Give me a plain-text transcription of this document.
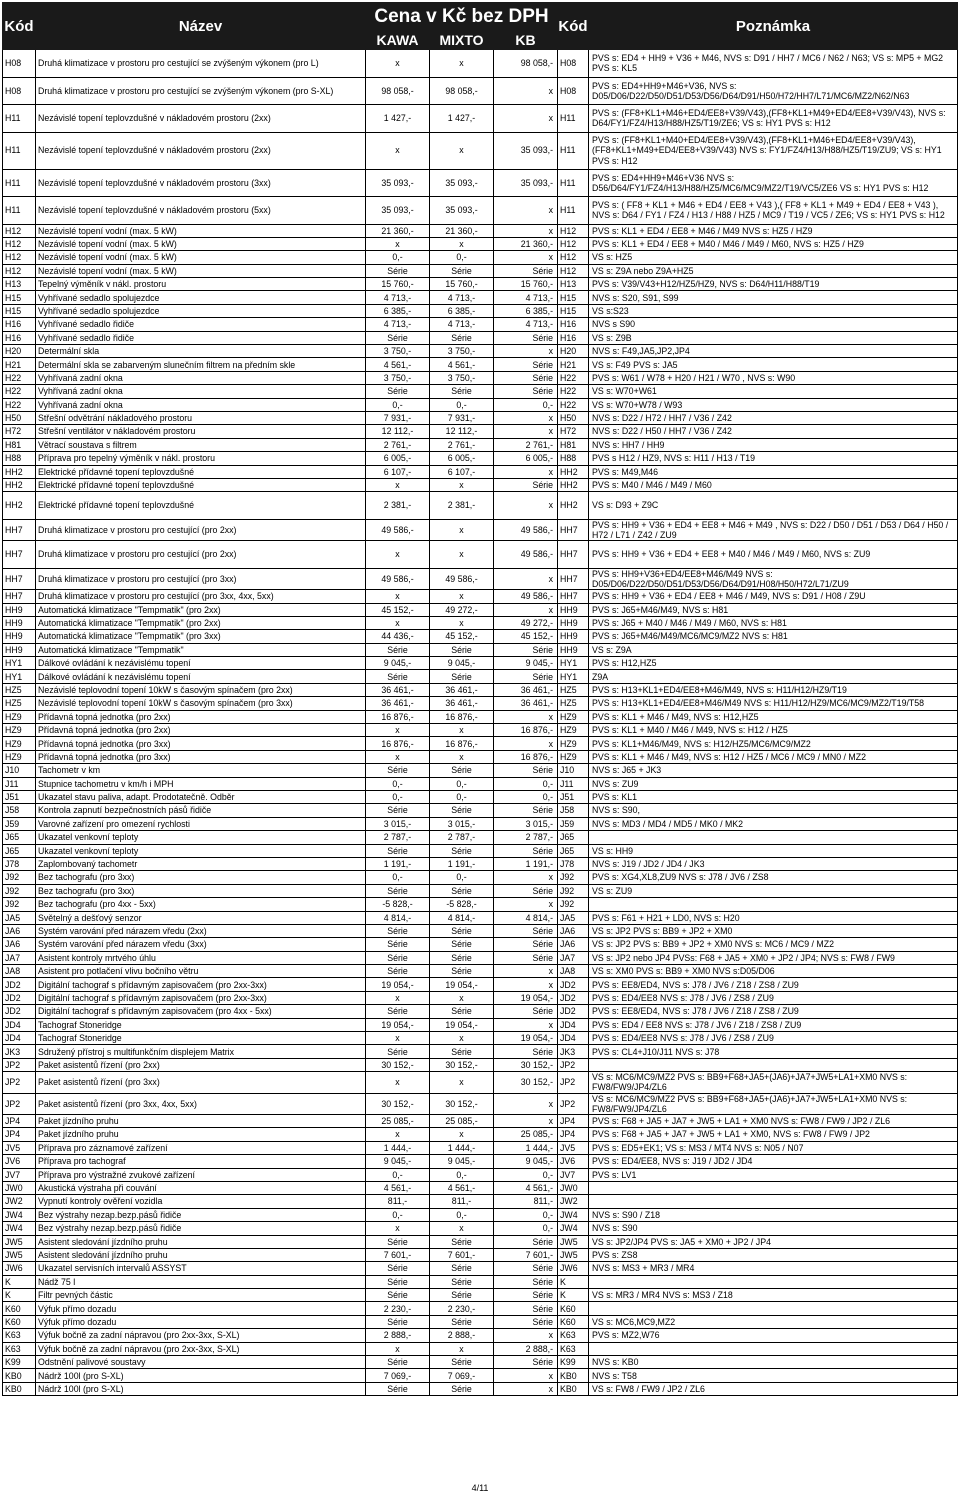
Kód	Název	Cena v Kč bez DPH			Kód	Poznámka
		KAWA	MIXTO	KB		
H08	Druhá klimatizace v prostoru pro cestující se zvýšeným výkonem (pro L)	x	x	98 058,-	H08	PVS s: ED4 + HH9 + V36 + M46, NVS s: D91 / HH7 / MC6 / N62 / N63; VS s: MP5 + MG2 PVS s: KL5
H08	Druhá klimatizace v prostoru pro cestující se zvýšeným výkonem (pro S-XL)	98 058,-	98 058,-	x	H08	PVS s: ED4+HH9+M46+V36, NVS s: D05/D06/D22/D50/D51/D53/D56/D64/D91/H50/H72/HH7/L71/MC6/MZ2/N62/N63
H11	Nezávislé topení teplovzdušné v nákladovém prostoru (2xx)	1 427,-	1 427,-	x	H11	PVS s: (FF8+KL1+M46+ED4/EE8+V39/V43),(FF8+KL1+M49+ED4/EE8+V39/V43), NVS s: D64/FY1/FZ4/H13/H88/HZ5/T19/ZE6; VS s: HY1 PVS s: H12
H11	Nezávislé topení teplovzdušné v nákladovém prostoru (2xx)	x	x	35 093,-	H11	PVS s: (FF8+KL1+M40+ED4/EE8+V39/V43),(FF8+KL1+M46+ED4/EE8+V39/V43), (FF8+KL1+M49+ED4/EE8+V39/V43) NVS s: FY1/FZ4/H13/H88/HZ5/T19/ZU9; VS s: HY1 PVS s: H12
H11	Nezávislé topení teplovzdušné v nákladovém prostoru (3xx)	35 093,-	35 093,-	35 093,-	H11	PVS s: ED4+HH9+M46+V36 NVS s: D56/D64/FY1/FZ4/H13/H88/HZ5/MC6/MC9/MZ2/T19/VC5/ZE6 VS s: HY1 PVS s: H12
H11	Nezávislé topení teplovzdušné v nákladovém prostoru (5xx)	35 093,-	35 093,-	x	H11	PVS s: ( FF8 + KL1 + M46 + ED4 / EE8 + V43 ),( FF8 + KL1 + M49 + ED4 / EE8 + V43 ), NVS s: D64 / FY1 / FZ4 / H13 / H88 / HZ5 / MC9 / T19 / VC5 / ZE6; VS s: HY1 PVS s: H12
H12	Nezávislé topení vodní (max. 5 kW)	21 360,-	21 360,-	x	H12	PVS s: KL1 + ED4 / EE8 + M46 / M49 NVS s: HZ5 / HZ9
H12	Nezávislé topení vodní (max. 5 kW)	x	x	21 360,-	H12	PVS s: KL1 + ED4 / EE8 + M40 / M46 / M49 / M60, NVS s: HZ5 / HZ9
H12	Nezávislé topení vodní (max. 5 kW)	0,-	0,-	x	H12	VS s: HZ5
H12	Nezávislé topení vodní (max. 5 kW)	Série	Série	Série	H12	VS s: Z9A nebo Z9A+HZ5
H13	Tepelný výměník v nákl. prostoru	15 760,-	15 760,-	15 760,-	H13	PVS s: V39/V43+H12/HZ5/HZ9, NVS s: D64/H11/H88/T19
H15	Vyhřívané sedadlo spolujezdce	4 713,-	4 713,-	4 713,-	H15	NVS s: S20, S91, S99
H15	Vyhřívané sedadlo spolujezdce	6 385,-	6 385,-	6 385,-	H15	VS s:S23
H16	Vyhřívané sedadlo řidiče	4 713,-	4 713,-	4 713,-	H16	NVS s S90
H16	Vyhřívané sedadlo řidiče	Série	Série	Série	H16	VS s: Z9B
H20	Determální skla	3 750,-	3 750,-	x	H20	NVS s: F49,JA5,JP2,JP4
H21	Determální skla se zabarveným slunečním filtrem na předním skle	4 561,-	4 561,-	Série	H21	VS s: F49 PVS s: JA5
H22	Vyhřívaná zadní okna	3 750,-	3 750,-	Série	H22	PVS s: W61 / W78 + H20 / H21 / W70 , NVS s: W90
H22	Vyhřívaná zadní okna	Série	Série	Série	H22	VS s: W70+W61
H22	Vyhřívaná zadní okna	0,-	0,-	0,-	H22	VS s: W70+W78 / W93
H50	Střešní odvětrání nákladového prostoru	7 931,-	7 931,-	x	H50	NVS s: D22 / H72 / HH7 / V36 / Z42
H72	Střešní ventilátor v nákladovém prostoru	12 112,-	12 112,-	x	H72	NVS s: D22 / H50 / HH7 / V36 / Z42
H81	Větrací soustava s filtrem	2 761,-	2 761,-	2 761,-	H81	NVS s: HH7 / HH9
H88	Příprava pro tepelný výměník v nákl. prostoru	6 005,-	6 005,-	6 005,-	H88	PVS s H12 / HZ9, NVS s: H11 / H13 / T19
HH2	Elektrické přídavné topení teplovzdušné	6 107,-	6 107,-	x	HH2	PVS s: M49,M46
HH2	Elektrické přídavné topení teplovzdušné	x	x	Série	HH2	PVS s: M40 / M46 / M49 / M60
HH2	Elektrické přídavné topení teplovzdušné	2 381,-	2 381,-	x	HH2	VS s: D93 + Z9C
HH7	Druhá klimatizace v prostoru pro cestující (pro 2xx)	49 586,-	x	49 586,-	HH7	PVS s: HH9 + V36 + ED4 + EE8 + M46 + M49 , NVS s: D22 / D50 / D51 / D53 / D64 / H50 / H72 / L71 / Z42 / ZU9
HH7	Druhá klimatizace v prostoru pro cestující (pro 2xx)	x	x	49 586,-	HH7	PVS s: HH9 + V36 + ED4 + EE8 + M40 / M46 / M49 / M60, NVS s: ZU9
HH7	Druhá klimatizace v prostoru pro cestující (pro 3xx)	49 586,-	49 586,-	x	HH7	PVS s: HH9+V36+ED4/EE8+M46/M49 NVS s: D05/D06/D22/D50/D51/D53/D56/D64/D91/H08/H50/H72/L71/ZU9
HH7	Druhá klimatizace v prostoru pro cestující (pro 3xx, 4xx, 5xx)	x	x	49 586,-	HH7	PVS s: HH9 + V36 + ED4 / EE8 + M46 / M49, NVS s: D91 / H08 / Z9U
HH9	Automatická klimatizace "Tempmatik" (pro 2xx)	45 152,-	49 272,-	x	HH9	PVS s: J65+M46/M49, NVS s: H81
HH9	Automatická klimatizace "Tempmatik" (pro 2xx)	x	x	49 272,-	HH9	PVS s: J65 + M40 / M46 / M49 / M60, NVS s: H81
HH9	Automatická klimatizace "Tempmatik" (pro 3xx)	44 436,-	45 152,-	45 152,-	HH9	PVS s: J65+M46/M49/MC6/MC9/MZ2 NVS s: H81
HH9	Automatická klimatizace "Tempmatik"	Série	Série	Série	HH9	VS s: Z9A
HY1	Dálkové ovládání k nezávislému topení	9 045,-	9 045,-	9 045,-	HY1	PVS s: H12,HZ5
HY1	Dálkové ovládání k nezávislému topení	Série	Série	Série	HY1	Z9A
HZ5	Nezávislé teplovodní topení 10kW s časovým spínačem (pro 2xx)	36 461,-	36 461,-	36 461,-	HZ5	PVS s: H13+KL1+ED4/EE8+M46/M49, NVS s: H11/H12/HZ9/T19
HZ5	Nezávislé teplovodní topení 10kW s časovým spínačem (pro 3xx)	36 461,-	36 461,-	36 461,-	HZ5	PVS s: H13+KL1+ED4/EE8+M46/M49 NVS s: H11/H12/HZ9/MC6/MC9/MZ2/T19/T58
HZ9	Přídavná topná jednotka (pro 2xx)	16 876,-	16 876,-	x	HZ9	PVS s: KL1 + M46 / M49, NVS s: H12,HZ5
HZ9	Přídavná topná jednotka (pro 2xx)	x	x	16 876,-	HZ9	PVS s: KL1 + M40 / M46 / M49, NVS s: H12 / HZ5
HZ9	Přídavná topná jednotka (pro 3xx)	16 876,-	16 876,-	x	HZ9	PVS s: KL1+M46/M49, NVS s: H12/HZ5/MC6/MC9/MZ2
HZ9	Přídavná topná jednotka (pro 3xx)	x	x	16 876,-	HZ9	PVS s: KL1 + M46 / M49, NVS s: H12 / HZ5 / MC6 / MC9 / MN0 / MZ2
J10	Tachometr v km	Série	Série	Série	J10	NVS s: J65 + JK3
J11	Stupnice tachometru v km/h i MPH	0,-	0,-	0,-	J11	NVS s: ZU9
J51	Ukazatel stavu paliva, adapt. Prodotatečně. Odběr	0,-	0,-	0,-	J51	PVS s: KL1
J58	Kontrola zapnutí bezpečnostních pásů řidiče	Série	Série	Série	J58	NVS s: S90,
J59	Varovné zařízení pro omezení rychlosti	3 015,-	3 015,-	3 015,-	J59	NVS s: MD3 / MD4 / MD5 / MK0 / MK2
J65	Ukazatel venkovní teploty	2 787,-	2 787,-	2 787,-	J65	
J65	Ukazatel venkovní teploty	Série	Série	Série	J65	VS s: HH9
J78	Zaplombovaný tachometr	1 191,-	1 191,-	1 191,-	J78	NVS s: J19 / JD2 / JD4 / JK3
J92	Bez tachografu (pro 3xx)	0,-	0,-	x	J92	PVS s: XG4,XL8,ZU9 NVS s: J78 / JV6 / ZS8
J92	Bez tachografu (pro 3xx)	Série	Série	Série	J92	VS s: ZU9
J92	Bez tachografu (pro 4xx - 5xx)	-5 828,-	-5 828,-	x	J92	
JA5	Světelný a dešťový senzor	4 814,-	4 814,-	4 814,-	JA5	PVS s: F61 + H21 + LD0, NVS s: H20
JA6	Systém varování před nárazem vředu (2xx)	Série	Série	Série	JA6	VS s: JP2 PVS s: BB9 + JP2 + XM0
JA6	Systém varování před nárazem vředu (3xx)	Série	Série	Série	JA6	VS s: JP2 PVS s: BB9 + JP2 + XM0 NVS s: MC6 / MC9 / MZ2
JA7	Asistent kontroly mrtvého úhlu	Série	Série	Série	JA7	VS s: JP2 nebo JP4 PVSs: F68 + JA5 + XM0 + JP2 / JP4; NVS s: FW8 / FW9
JA8	Asistent pro potlačení vlivu bočního větru	Série	Série	x	JA8	VS s: XM0 PVS s: BB9 + XM0 NVS s:D05/D06
JD2	Digitální tachograf s přídavným zapisovačem (pro 2xx-3xx)	19 054,-	19 054,-	x	JD2	PVS s: EE8/ED4, NVS s: J78 / JV6 / Z18 / ZS8 / ZU9
JD2	Digitální tachograf s přídavným zapisovačem (pro 2xx-3xx)	x	x	19 054,-	JD2	PVS s: ED4/EE8 NVS s: J78 / JV6 / ZS8 / ZU9
JD2	Digitální tachograf s přídavným zapisovačem (pro 4xx - 5xx)	Série	Série	Série	JD2	PVS s: EE8/ED4, NVS s: J78 / JV6 / Z18 / ZS8 / ZU9
JD4	Tachograf Stoneridge	19 054,-	19 054,-	x	JD4	PVS s: ED4 / EE8 NVS s: J78 / JV6 / Z18 / ZS8 / ZU9
JD4	Tachograf Stoneridge	x	x	19 054,-	JD4	PVS s: ED4/EE8 NVS s: J78 / JV6 / ZS8 / ZU9
JK3	Sdružený přístroj s multifunkčním displejem Matrix	Série	Série	Série	JK3	PVS s: CL4+J10/J11 NVS s: J78
JP2	Paket asistentů řízení (pro 2xx)	30 152,-	30 152,-	30 152,-	JP2	
JP2	Paket asistentů řízení (pro 3xx)	x	x	30 152,-	JP2	VS s: MC6/MC9/MZ2 PVS s: BB9+F68+JA5+(JA6)+JA7+JW5+LA1+XM0 NVS s: FW8/FW9/JP4/ZL6
JP2	Paket asistentů řízení (pro 3xx, 4xx, 5xx)	30 152,-	30 152,-	x	JP2	VS s: MC6/MC9/MZ2 PVS s: BB9+F68+JA5+(JA6)+JA7+JW5+LA1+XM0 NVS s: FW8/FW9/JP4/ZL6
JP4	Paket jízdního pruhu	25 085,-	25 085,-	x	JP4	PVS s: F68 + JA5 + JA7 + JW5 + LA1 + XM0 NVS s: FW8 / FW9 / JP2 / ZL6
JP4	Paket jízdního pruhu	x	x	25 085,-	JP4	PVS s: F68 + JA5 + JA7 + JW5 + LA1 + XM0, NVS s: FW8 / FW9 / JP2
JV5	Příprava pro záznamové zařízení	1 444,-	1 444,-	1 444,-	JV5	PVS s: ED5+EK1; VS s: MS3 / MT4 NVS s: N05 / N07
JV6	Příprava pro tachograf	9 045,-	9 045,-	9 045,-	JV6	PVS s: ED4/EE8, NVS s: J19 / JD2 / JD4
JV7	Příprava pro výstražné zvukové zařízení	0,-	0,-	0,-	JV7	PVS s: LV1
JW0	Akustická výstraha při couvání	4 561,-	4 561,-	4 561,-	JW0	
JW2	Vypnutí kontroly ověření vozidla	811,-	811,-	811,-	JW2	
JW4	Bez výstrahy nezap.bezp.pásů řidiče	0,-	0,-	0,-	JW4	NVS s: S90 / Z18
JW4	Bez výstrahy nezap.bezp.pásů řidiče	x	x	0,-	JW4	NVS s: S90
JW5	Asistent sledování jízdního pruhu	Série	Série	Série	JW5	VS s: JP2/JP4 PVS s: JA5 + XM0 + JP2 / JP4
JW5	Asistent sledování jízdního pruhu	7 601,-	7 601,-	7 601,-	JW5	PVS s: ZS8
JW6	Ukazatel servisních intervalů ASSYST	Série	Série	Série	JW6	NVS s: MS3 + MR3 / MR4
K	Nádž 75 l	Série	Série	Série	K	
K	Filtr pevných částic	Série	Série	Série	K	VS s: MR3 / MR4 NVS s: MS3 / Z18
K60	Výfuk přímo dozadu	2 230,-	2 230,-	Série	K60	
K60	Výfuk přímo dozadu	Série	Série	Série	K60	VS s: MC6,MC9,MZ2
K63	Výfuk bočně za zadní nápravou (pro 2xx-3xx, S-XL)	2 888,-	2 888,-	x	K63	PVS s: MZ2,W76
K63	Výfuk bočně za zadní nápravou (pro 2xx-3xx, S-XL)	x	x	2 888,-	K63	
K99	Odstnění palivové soustavy	Série	Série	Série	K99	NVS s: KB0
KB0	Nádrž 100l (pro S-XL)	7 069,-	7 069,-	x	KB0	NVS s: T58
KB0	Nádrž 100l (pro S-XL)	Série	Série	x	KB0	VS s: FW8 / FW9 / JP2 / ZL6
4/11
